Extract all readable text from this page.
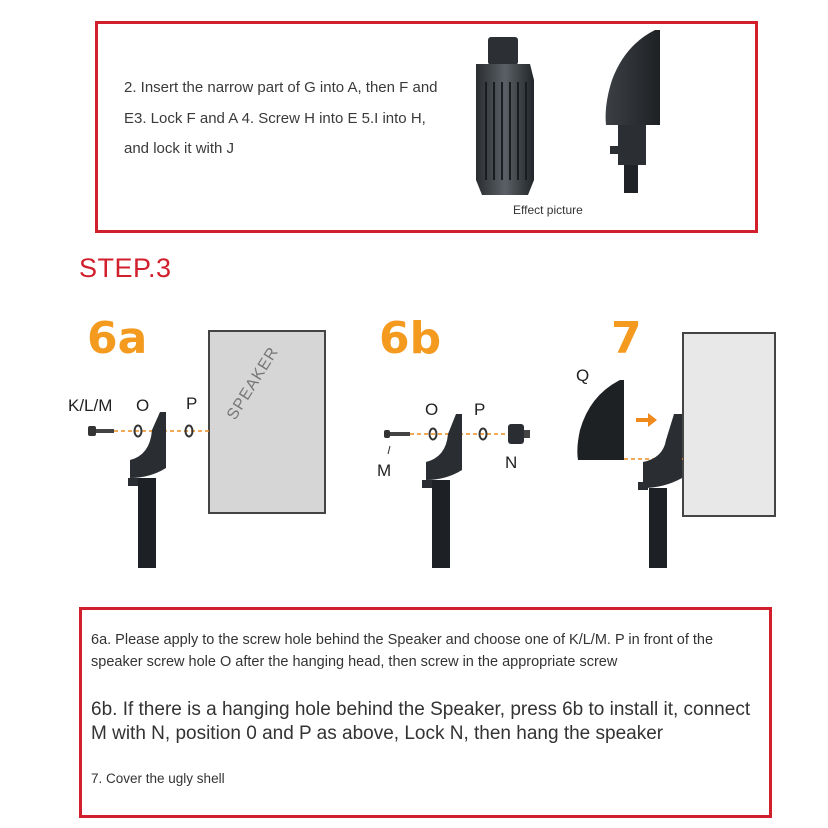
2. Insert the narrow part of G into A, then F and E3. Lock F and A 4. Screw H into E 5.I into H, and lock it with J
Effect picture
STEP.3
6a	6b	7
SPEAKER
K/L/M O P	O P
M	N
Q
6a. Please apply to the screw hole behind the Speaker and choose one of K/L/M. P in front of the speaker screw hole O after the hanging head, then screw in the appropriate screw
6b. If there is a hanging hole behind the Speaker, press 6b to install it, connect M with N, position 0 and P as above, Lock N, then hang the speaker
7. Cover the ugly shell
